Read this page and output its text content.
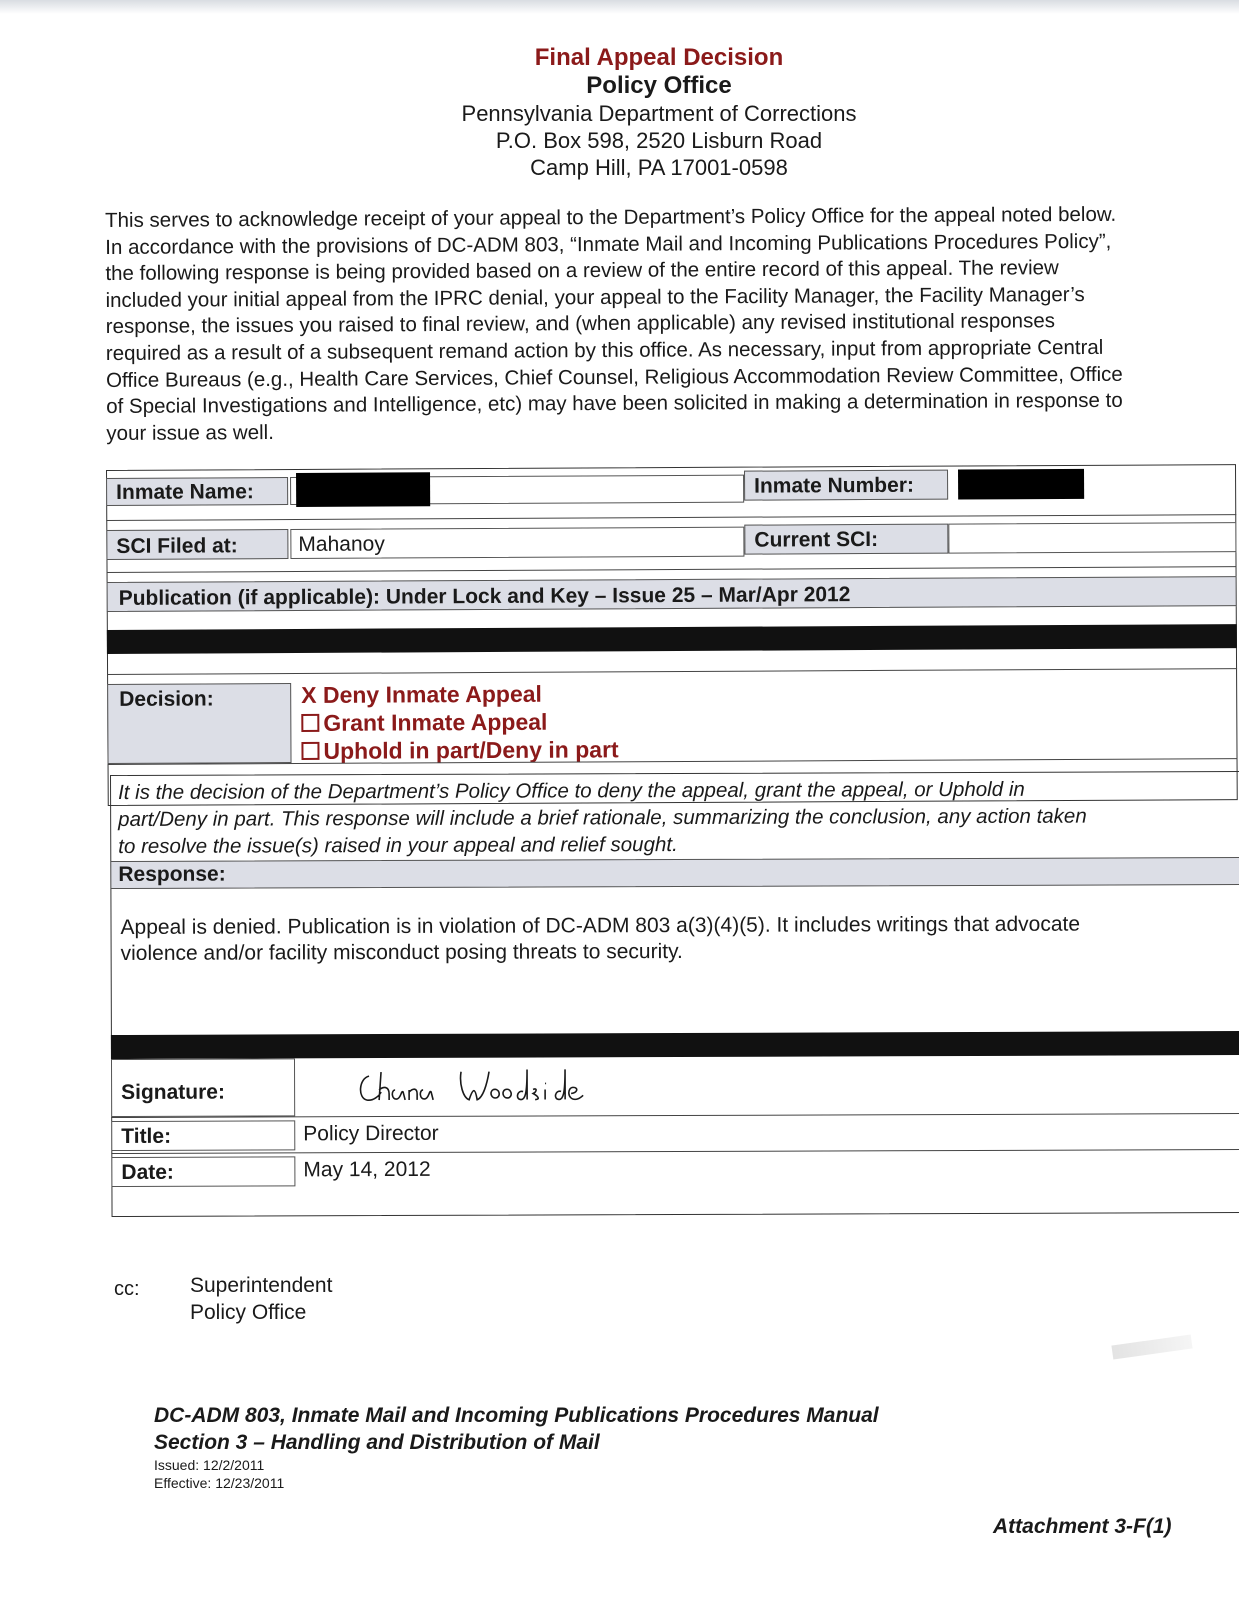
Final Appeal Decision
Policy Office
Pennsylvania Department of Corrections
P.O. Box 598, 2520 Lisburn Road
Camp Hill, PA 17001-0598
This serves to acknowledge receipt of your appeal to the Department’s Policy Office for the appeal noted below.
In accordance with the provisions of DC-ADM 803, “Inmate Mail and Incoming Publications Procedures Policy”,
the following response is being provided based on a review of the entire record of this appeal. The review
included your initial appeal from the IPRC denial, your appeal to the Facility Manager, the Facility Manager’s
response, the issues you raised to final review, and (when applicable) any revised institutional responses
required as a result of a subsequent remand action by this office. As necessary, input from appropriate Central
Office Bureaus (e.g., Health Care Services, Chief Counsel, Religious Accommodation Review Committee, Office
of Special Investigations and Intelligence, etc) may have been solicited in making a determination in response to
your issue as well.
Inmate Name:	Inmate Number:
SCI Filed at:	Mahanoy	Current SCI:
Publication (if applicable): Under Lock and Key – Issue 25 – Mar/Apr 2012
Decision:	X Deny Inmate Appeal
Grant Inmate Appeal
Uphold in part/Deny in part
It is the decision of the Department’s Policy Office to deny the appeal, grant the appeal, or Uphold in
part/Deny in part. This response will include a brief rationale, summarizing the conclusion, any action taken
to resolve the issue(s) raised in your appeal and relief sought.
Response:
Appeal is denied. Publication is in violation of DC-ADM 803 a(3)(4)(5). It includes writings that advocate
violence and/or facility misconduct posing threats to security.
Signature:
Title:	Policy Director
Date:	May 14, 2012
cc: Superintendent
Policy Office
DC-ADM 803, Inmate Mail and Incoming Publications Procedures Manual
Section 3 – Handling and Distribution of Mail
Issued: 12/2/2011
Effective: 12/23/2011
Attachment 3-F(1)
